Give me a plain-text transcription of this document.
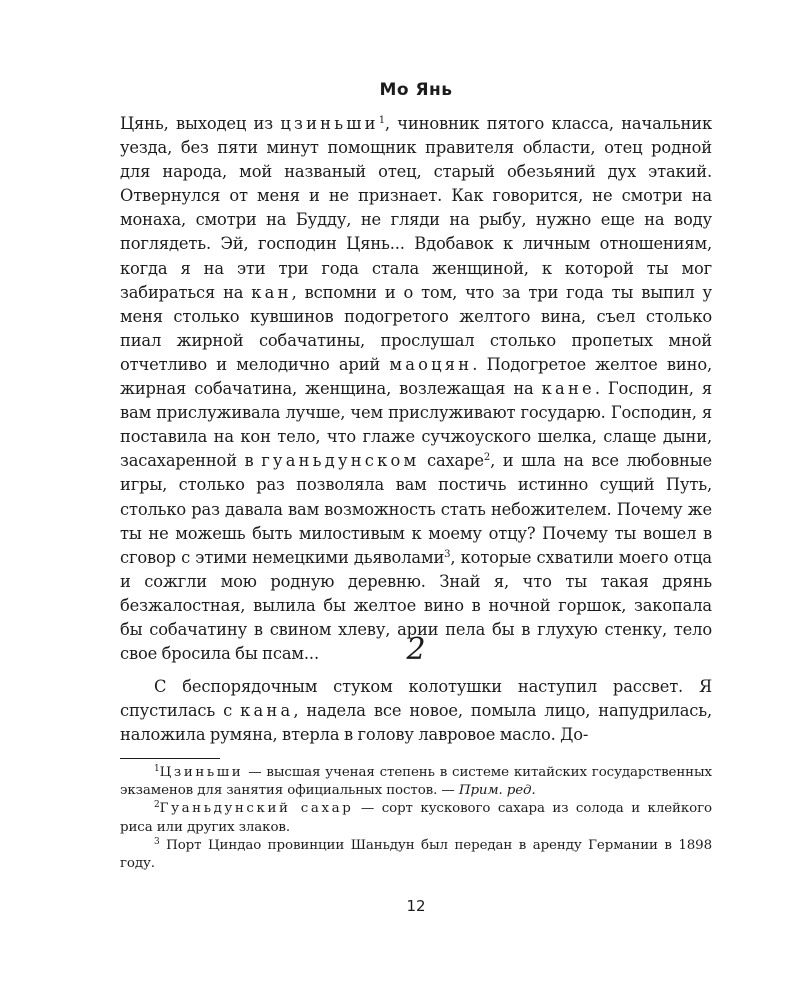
Мо Янь

Цянь, выходец из цзиньши$^1$, чиновник пятого класса, начальник уезда, без пяти минут помощник правителя области, отец родной для народа, мой названый отец, старый обезьяний дух этакий. Отвернулся от меня и не признает. Как говорится, не смотри на монаха, смотри на Будду, не гляди на рыбу, нужно еще на воду поглядеть. Эй, господин Цянь... Вдобавок к личным отношениям, когда я на эти три года стала женщиной, к которой ты мог забираться на кан, вспомни и о том, что за три года ты выпил у меня столько кувшинов подогретого желтого вина, съел столько пиал жирной собачатины, прослушал столько пропетых мной отчетливо и мелодично арий маоцян. Подогретое желтое вино, жирная собачатина, женщина, возлежащая на кане. Господин, я вам прислуживала лучше, чем прислуживают государю. Господин, я поставила на кон тело, что глаже сучжоуского шелка, слаще дыни, засахаренной в гуаньдунском сахаре$^2$, и шла на все любовные игры, столько раз позволяла вам постичь истинно сущий Путь, столько раз давала вам возможность стать небожителем. Почему же ты не можешь быть милостивым к моему отцу? Почему ты вошел в сговор с этими немецкими дьяволами$^3$, которые схватили моего отца и сожгли мою родную деревню. Знай я, что ты такая дрянь безжалостная, вылила бы желтое вино в ночной горшок, закопала бы собачатину в свином хлеву, арии пела бы в глухую стенку, тело свое бросила бы псам...	2

С беспорядочным стуком колотушки наступил рассвет. Я спустилась с кана, надела все новое, помыла лицо, напудрилась, наложила румяна, втерла в голову лавровое масло. До-

$^1$Цзиньши — высшая ученая степень в системе китайских государственных экзаменов для занятия официальных постов. — Прим. ред.

$^2$Гуаньдунский сахар — сорт кускового сахара из солода и клейкого риса или других злаков.

$^3$ Порт Циндао провинции Шаньдун был передан в аренду Германии в 1898 году.

12
